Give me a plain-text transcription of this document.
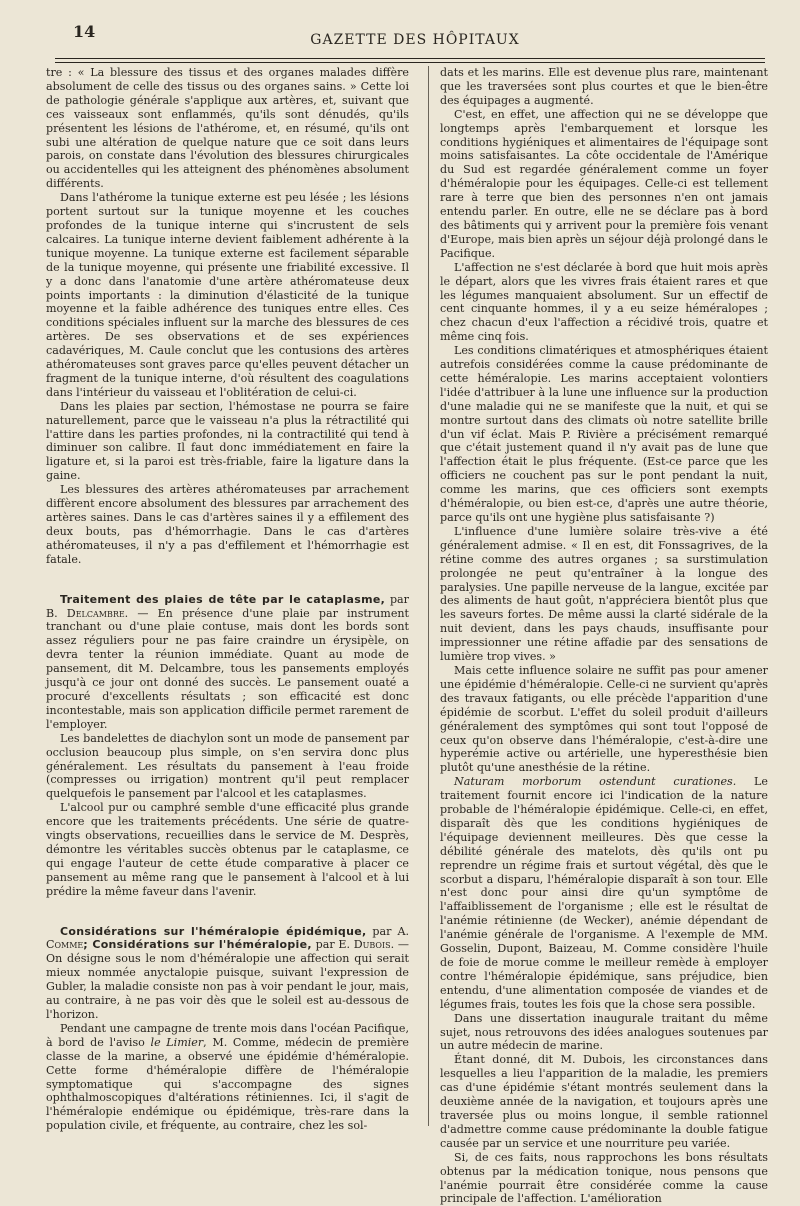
14	GAZETTE DES HÔPITAUX

tre : « La blessure des tissus et des organes malades diffère absolument de celle des tissus ou des organes sains. » Cette loi de pathologie générale s'applique aux artères, et, suivant que ces vaisseaux sont enflammés, qu'ils sont dénudés, qu'ils présentent les lésions de l'athérome, et, en résumé, qu'ils ont subi une altération de quelque nature que ce soit dans leurs parois, on constate dans l'évolution des blessures chirurgicales ou accidentelles qui les atteignent des phénomènes absolument différents.

Dans l'athérome la tunique externe est peu lésée ; les lésions portent surtout sur la tunique moyenne et les couches profondes de la tunique interne qui s'incrustent de sels calcaires. La tunique interne devient faiblement adhérente à la tunique moyenne. La tunique externe est facilement séparable de la tunique moyenne, qui présente une friabilité excessive. Il y a donc dans l'anatomie d'une artère athéromateuse deux points importants : la diminution d'élasticité de la tunique moyenne et la faible adhérence des tuniques entre elles. Ces conditions spéciales influent sur la marche des blessures de ces artères. De ses observations et de ses expériences cadavériques, M. Caule conclut que les contusions des artères athéromateuses sont graves parce qu'elles peuvent détacher un fragment de la tunique interne, d'où résultent des coagulations dans l'intérieur du vaisseau et l'oblitération de celui-ci.

Dans les plaies par section, l'hémostase ne pourra se faire naturellement, parce que le vaisseau n'a plus la rétractilité qui l'attire dans les parties profondes, ni la contractilité qui tend à diminuer son calibre. Il faut donc immédiatement en faire la ligature et, si la paroi est très-friable, faire la ligature dans la gaine.

Les blessures des artères athéromateuses par arrachement diffèrent encore absolument des blessures par arrachement des artères saines. Dans le cas d'artères saines il y a effilement des deux bouts, pas d'hémorrhagie. Dans le cas d'artères athéromateuses, il n'y a pas d'effilement et l'hémorrhagie est fatale.

Traitement des plaies de tête par le cataplasme, par B. Delcambre. — En présence d'une plaie par instrument tranchant ou d'une plaie contuse, mais dont les bords sont assez réguliers pour ne pas faire craindre un érysipèle, on devra tenter la réunion immédiate. Quant au mode de pansement, dit M. Delcambre, tous les pansements employés jusqu'à ce jour ont donné des succès. Le pansement ouaté a procuré d'excellents résultats ; son efficacité est donc incontestable, mais son application difficile permet rarement de l'employer.

Les bandelettes de diachylon sont un mode de pansement par occlusion beaucoup plus simple, on s'en servira donc plus généralement. Les résultats du pansement à l'eau froide (compresses ou irrigation) montrent qu'il peut remplacer quelquefois le pansement par l'alcool et les cataplasmes.

L'alcool pur ou camphré semble d'une efficacité plus grande encore que les traitements précédents. Une série de quatre-vingts observations, recueillies dans le service de M. Desprès, démontre les véritables succès obtenus par le cataplasme, ce qui engage l'auteur de cette étude comparative à placer ce pansement au même rang que le pansement à l'alcool et à lui prédire la même faveur dans l'avenir.

Considérations sur l'héméralopie épidémique, par A. Comme; Considérations sur l'héméralopie, par E. Dubois. — On désigne sous le nom d'héméralopie une affection qui serait mieux nommée anyctalopie puisque, suivant l'expression de Gubler, la maladie consiste non pas à voir pendant le jour, mais, au contraire, à ne pas voir dès que le soleil est au-dessous de l'horizon.

Pendant une campagne de trente mois dans l'océan Pacifique, à bord de l'aviso le Limier, M. Comme, médecin de première classe de la marine, a observé une épidémie d'héméralopie. Cette forme d'héméralopie diffère de l'héméralopie symptomatique qui s'accompagne des signes ophthalmoscopiques d'altérations rétiniennes. Ici, il s'agit de l'héméralopie endémique ou épidémique, très-rare dans la population civile, et fréquente, au contraire, chez les sol-

dats et les marins. Elle est devenue plus rare, maintenant que les traversées sont plus courtes et que le bien-être des équipages a augmenté.

C'est, en effet, une affection qui ne se développe que longtemps après l'embarquement et lorsque les conditions hygiéniques et alimentaires de l'équipage sont moins satisfaisantes. La côte occidentale de l'Amérique du Sud est regardée généralement comme un foyer d'héméralopie pour les équipages. Celle-ci est tellement rare à terre que bien des personnes n'en ont jamais entendu parler. En outre, elle ne se déclare pas à bord des bâtiments qui y arrivent pour la première fois venant d'Europe, mais bien après un séjour déjà prolongé dans le Pacifique.

L'affection ne s'est déclarée à bord que huit mois après le départ, alors que les vivres frais étaient rares et que les légumes manquaient absolument. Sur un effectif de cent cinquante hommes, il y a eu seize héméralopes ; chez chacun d'eux l'affection a récidivé trois, quatre et même cinq fois.

Les conditions climatériques et atmosphériques étaient autrefois considérées comme la cause prédominante de cette héméralopie. Les marins acceptaient volontiers l'idée d'attribuer à la lune une influence sur la production d'une maladie qui ne se manifeste que la nuit, et qui se montre surtout dans des climats où notre satellite brille d'un vif éclat. Mais P. Rivière a précisément remarqué que c'était justement quand il n'y avait pas de lune que l'affection était le plus fréquente. (Est-ce parce que les officiers ne couchent pas sur le pont pendant la nuit, comme les marins, que ces officiers sont exempts d'héméralopie, ou bien est-ce, d'après une autre théorie, parce qu'ils ont une hygiène plus satisfaisante ?)

L'influence d'une lumière solaire très-vive a été généralement admise. « Il en est, dit Fonssagrives, de la rétine comme des autres organes ; sa surstimulation prolongée ne peut qu'entraîner à la longue des paralysies. Une papille nerveuse de la langue, excitée par des aliments de haut goût, n'appréciera bientôt plus que les saveurs fortes. De même aussi la clarté sidérale de la nuit devient, dans les pays chauds, insuffisante pour impressionner une rétine affadie par des sensations de lumière trop vives. »

Mais cette influence solaire ne suffit pas pour amener une épidémie d'héméralopie. Celle-ci ne survient qu'après des travaux fatigants, ou elle précède l'apparition d'une épidémie de scorbut. L'effet du soleil produit d'ailleurs généralement des symptômes qui sont tout l'opposé de ceux qu'on observe dans l'héméralopie, c'est-à-dire une hyperémie active ou artérielle, une hyperesthésie bien plutôt qu'une anesthésie de la rétine.

Naturam morborum ostendunt curationes. Le traitement fournit encore ici l'indication de la nature probable de l'héméralopie épidémique. Celle-ci, en effet, disparaît dès que les conditions hygiéniques de l'équipage deviennent meilleures. Dès que cesse la débilité générale des matelots, dès qu'ils ont pu reprendre un régime frais et surtout végétal, dès que le scorbut a disparu, l'héméralopie disparaît à son tour. Elle n'est donc pour ainsi dire qu'un symptôme de l'affaiblissement de l'organisme ; elle est le résultat de l'anémie rétinienne (de Wecker), anémie dépendant de l'anémie générale de l'organisme. A l'exemple de MM. Gosselin, Dupont, Baizeau, M. Comme considère l'huile de foie de morue comme le meilleur remède à employer contre l'héméralopie épidémique, sans préjudice, bien entendu, d'une alimentation composée de viandes et de légumes frais, toutes les fois que la chose sera possible.

Dans une dissertation inaugurale traitant du même sujet, nous retrouvons des idées analogues soutenues par un autre médecin de marine.

Étant donné, dit M. Dubois, les circonstances dans lesquelles a lieu l'apparition de la maladie, les premiers cas d'une épidémie s'étant montrés seulement dans la deuxième année de la navigation, et toujours après une traversée plus ou moins longue, il semble rationnel d'admettre comme cause prédominante la double fatigue causée par un service et une nourriture peu variée.

Si, de ces faits, nous rapprochons les bons résultats obtenus par la médication tonique, nous pensons que l'anémie pourrait être considérée comme la cause principale de l'affection. L'amélioration
